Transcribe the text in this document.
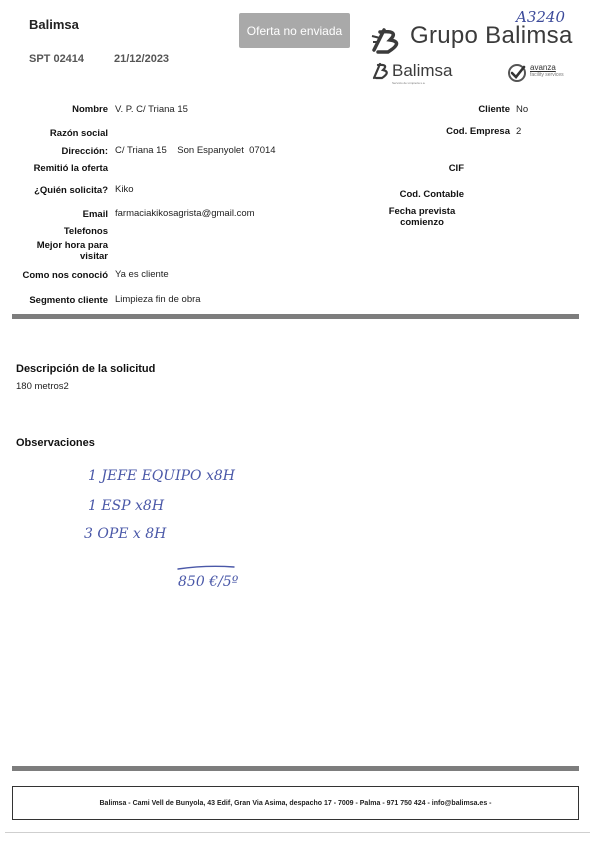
Balimsa
SPT 02414	21/12/2023
Oferta no enviada
A3240
Grupo Balimsa
Balimsa
Servicio de Limpieza s.a.
avanza
facility services
Nombre V. P. C/ Triana 15
Razón social
Dirección: C/ Triana 15    Son Espanyolet  07014
Remitió la oferta
¿Quién solicita? Kiko
Email farmaciakikosagrista@gmail.com
Telefonos
Mejor hora para visitar
Como nos conoció Ya es cliente
Segmento cliente Limpieza fin de obra
Cliente No
Cod. Empresa 2
CIF
Cod. Contable
Fecha prevista comienzo
Descripción de la solicitud
180 metros2
Observaciones
1 JEFE EQUIPO x8H
1 ESP x8H
3 OPE x 8H
850 €/5º
Balimsa - Cami Vell de Bunyola, 43 Edif, Gran Via Asima, despacho 17 - 7009 - Palma - 971 750 424 - info@balimsa.es -
